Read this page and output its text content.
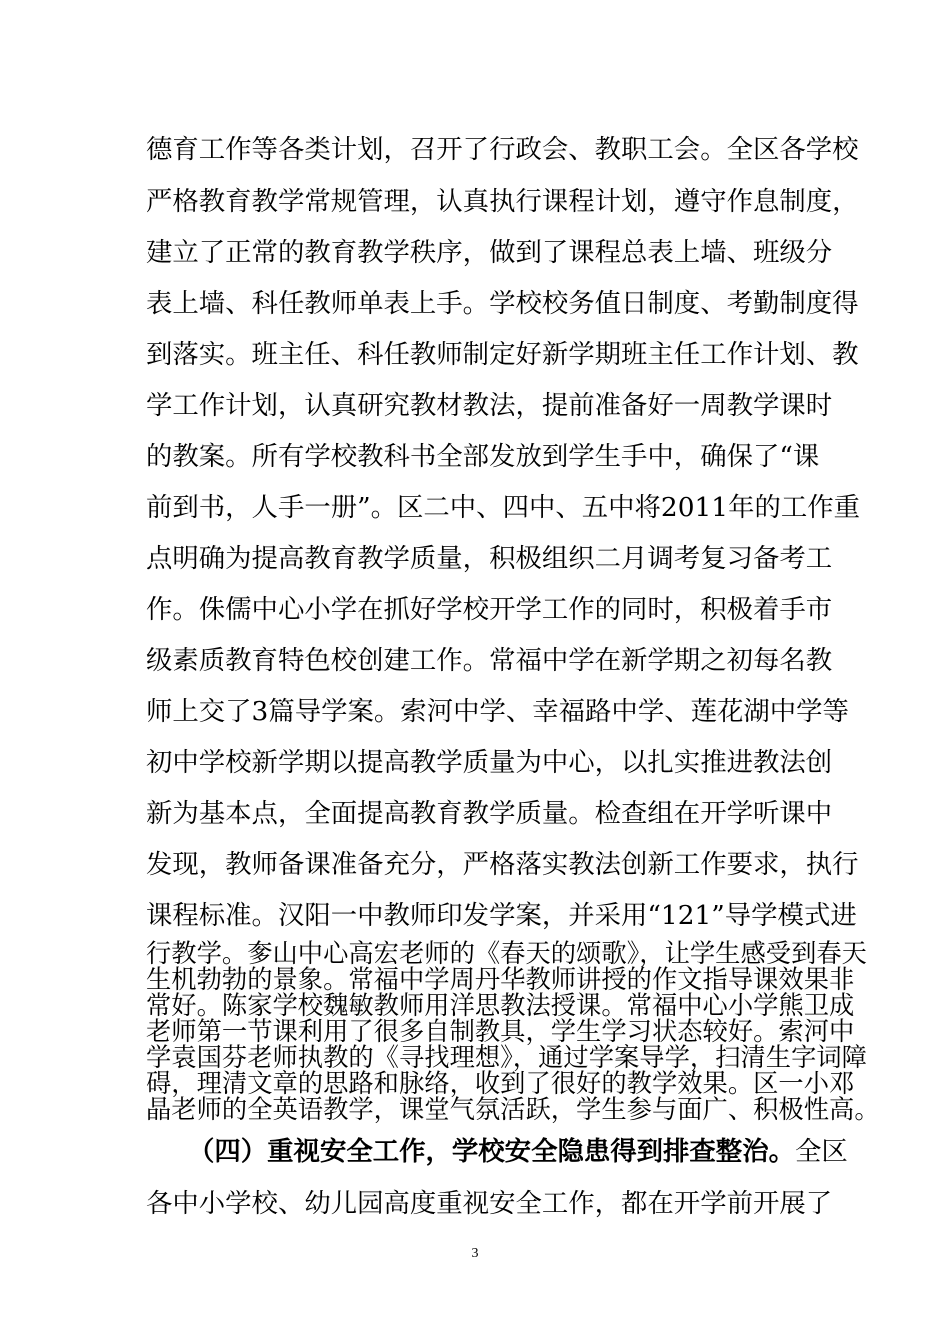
德育工作等各类计划，召开了行政会、教职工会。全区各学校
严格教育教学常规管理，认真执行课程计划，遵守作息制度，
建立了正常的教育教学秩序，做到了课程总表上墙、班级分
表上墙、科任教师单表上手。学校校务值日制度、考勤制度得
到落实。班主任、科任教师制定好新学期班主任工作计划、教
学工作计划，认真研究教材教法，提前准备好一周教学课时
的教案。所有学校教科书全部发放到学生手中，确保了“课
前到书，人手一册”。区二中、四中、五中将2011年的工作重
点明确为提高教育教学质量，积极组织二月调考复习备考工
作。侏儒中心小学在抓好学校开学工作的同时，积极着手市
级素质教育特色校创建工作。常福中学在新学期之初每名教
师上交了3篇导学案。索河中学、幸福路中学、莲花湖中学等
初中学校新学期以提高教学质量为中心，以扎实推进教法创
新为基本点，全面提高教育教学质量。检查组在开学听课中
发现，教师备课准备充分，严格落实教法创新工作要求，执行
课程标准。汉阳一中教师印发学案，并采用“121”导学模式进
行教学。奓山中心高宏老师的《春天的颂歌》，让学生感受到春天
生机勃勃的景象。常福中学周丹华教师讲授的作文指导课效果非
常好。陈家学校魏敏教师用洋思教法授课。常福中心小学熊卫成
老师第一节课利用了很多自制教具，学生学习状态较好。索河中
学袁国芬老师执教的《寻找理想》，通过学案导学，扫清生字词障
碍，理清文章的思路和脉络，收到了很好的教学效果。区一小邓
晶老师的全英语教学，课堂气氛活跃，学生参与面广、积极性高。
（四）重视安全工作，学校安全隐患得到排查整治。全区
各中小学校、幼儿园高度重视安全工作，都在开学前开展了
3
